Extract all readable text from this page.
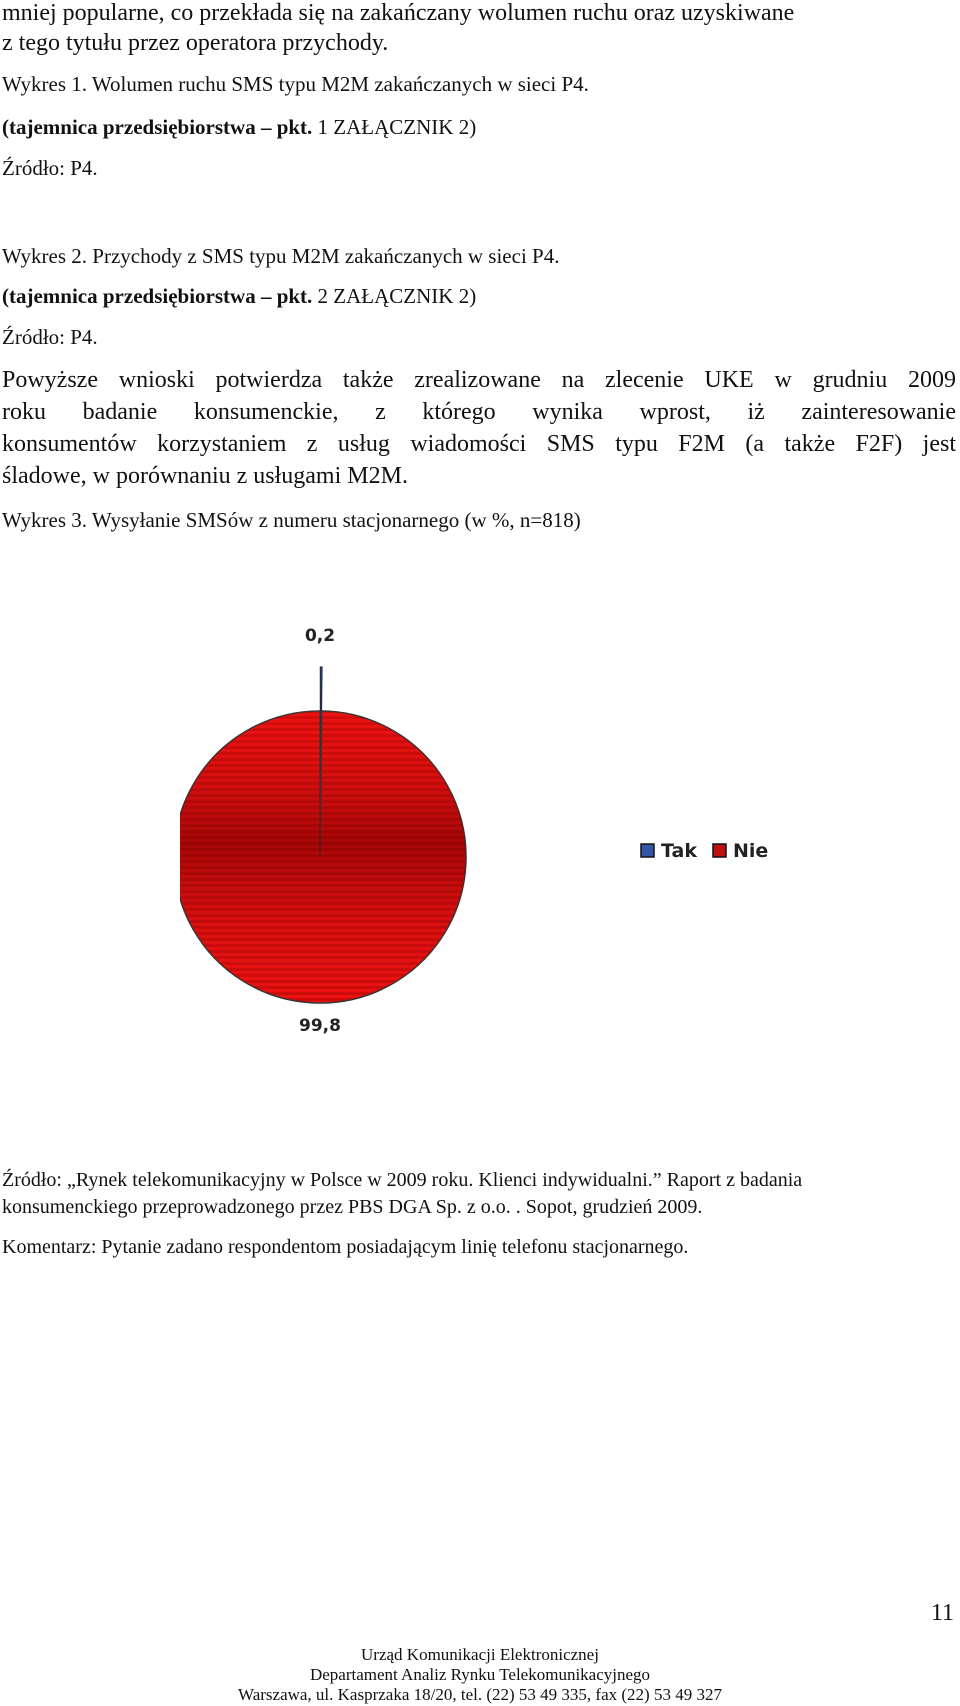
mniej popularne, co przekłada się na zakańczany wolumen ruchu oraz uzyskiwane

z tego tytułu przez operatora przychody.

Wykres 1. Wolumen ruchu SMS typu M2M zakańczanych w sieci P4.

(tajemnica przedsiębiorstwa – pkt. 1 ZAŁĄCZNIK 2)

Źródło: P4.

Wykres 2. Przychody z SMS typu M2M zakańczanych w sieci P4.

(tajemnica przedsiębiorstwa – pkt. 2 ZAŁĄCZNIK 2)

Źródło: P4.

Powyższe wnioski potwierdza także zrealizowane na zlecenie UKE w grudniu 2009
roku badanie konsumenckie, z którego wynika wprost, iż zainteresowanie
konsumentów korzystaniem z usług wiadomości SMS typu F2M (a także F2F) jest
śladowe, w porównaniu z usługami M2M.

Wykres 3. Wysyłanie SMSów z numeru stacjonarnego (w %, n=818)

0,2
99,8
Tak Nie

Źródło: „Rynek telekomunikacyjny w Polsce w 2009 roku. Klienci indywidualni.” Raport z badania

konsumenckiego przeprowadzonego przez PBS DGA Sp. z o.o. . Sopot, grudzień 2009.

Komentarz: Pytanie zadano respondentom posiadającym linię telefonu stacjonarnego.

11

Urząd Komunikacji Elektronicznej

Departament Analiz Rynku Telekomunikacyjnego

Warszawa, ul. Kasprzaka 18/20, tel. (22) 53 49 335, fax (22) 53 49 327
